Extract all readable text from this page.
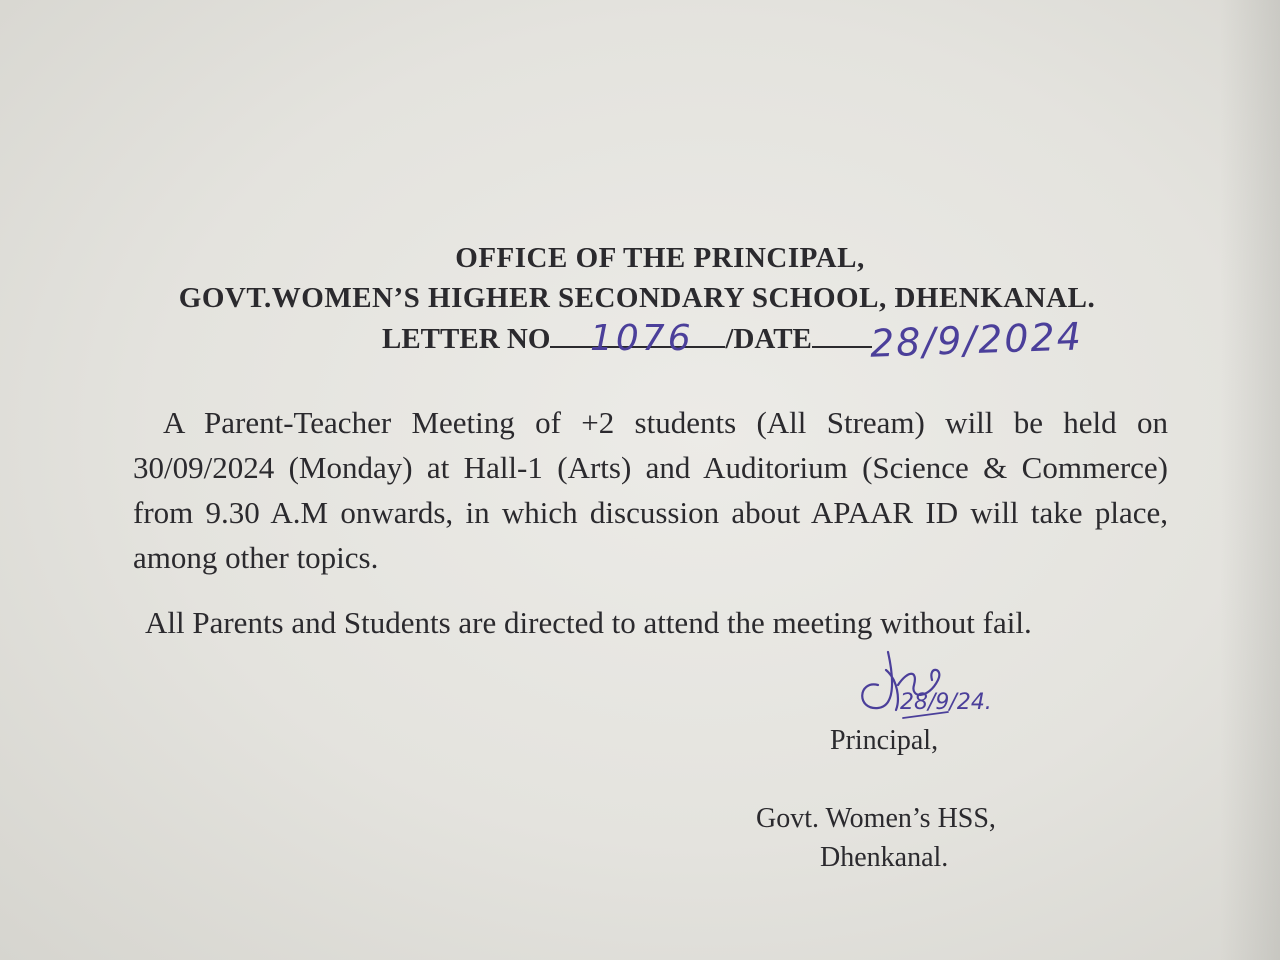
OFFICE OF THE PRINCIPAL,
GOVT.WOMEN’S HIGHER SECONDARY SCHOOL, DHENKANAL.
LETTER NO	/DATE
1076	28/9/2024
A Parent-Teacher Meeting of +2 students (All Stream) will be held on 30/09/2024 (Monday) at Hall-1 (Arts) and Auditorium (Science & Commerce) from 9.30 A.M onwards, in which discussion about APAAR ID will take place, among other topics.
All Parents and Students are directed to attend the meeting without fail.
28/9/24.
Principal,
Govt. Women’s HSS,
Dhenkanal.
